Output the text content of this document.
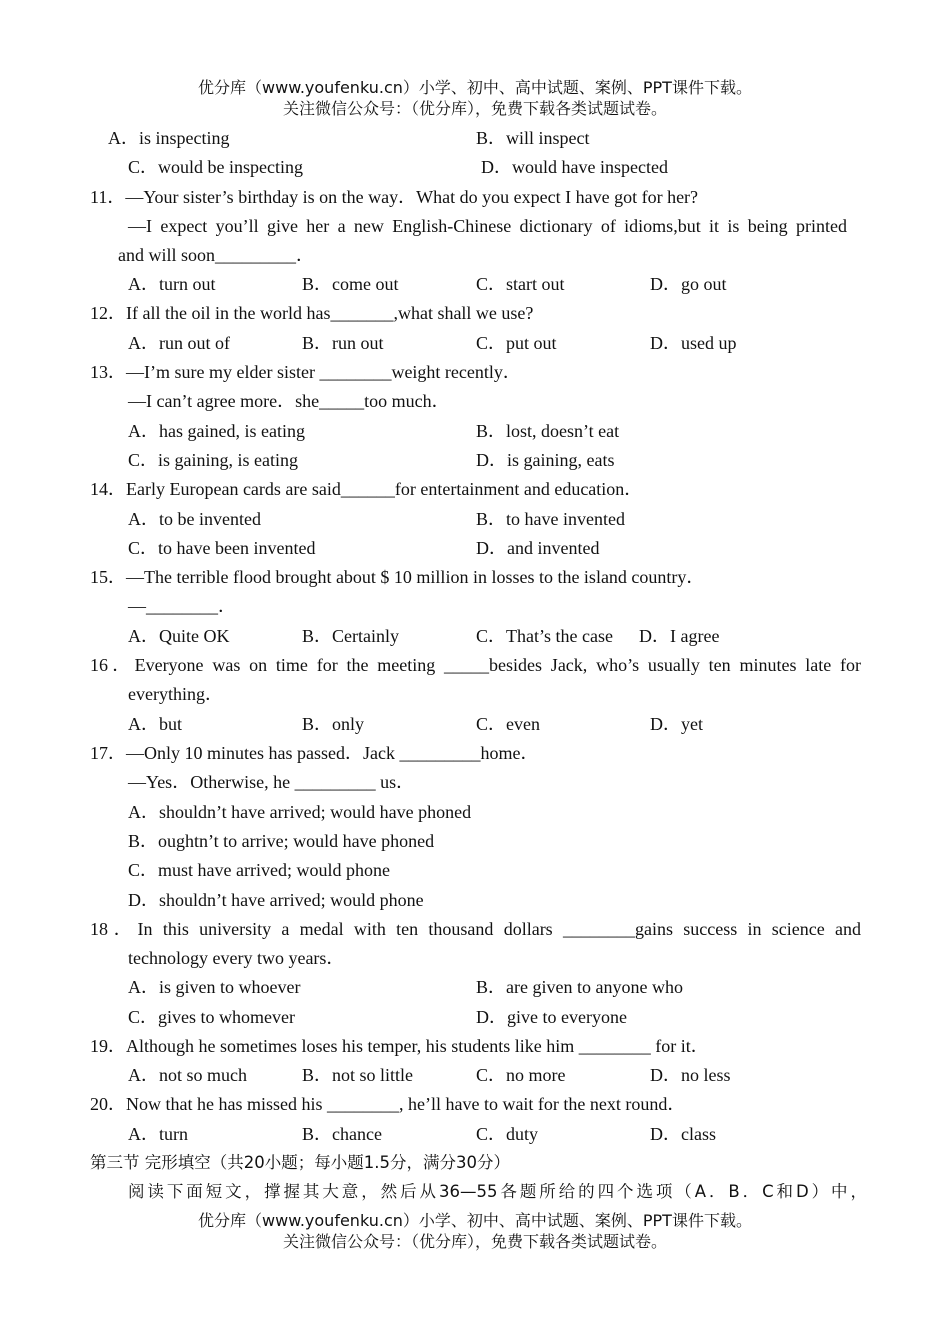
优分库（www.youfenku.cn）小学、初中、高中试题、案例、PPT课件下载。
关注微信公众号：（优分库），免费下载各类试题试卷。
A．is inspecting	B．will inspect
C．would be inspecting	D．would have inspected
11．—Your sister’s birthday is on the way．What do you expect I have got for her?
—I expect you’ll give her a new English-Chinese dictionary of idioms,but it is being printed
and will soon_________．
A．turn out	B．come out	C．start out	D．go out
12．If all the oil in the world has_______,what shall we use?
A．run out of	B．run out	C．put out	D．used up
13．—I’m sure my elder sister ________weight recently．
—I can’t agree more．she_____too much．
A．has gained, is eating	B．lost, doesn’t eat
C．is gaining, is eating	D．is gaining, eats
14．Early European cards are said______for entertainment and education．
A．to be invented	B．to have invented
C．to have been invented	D．and invented
15．—The terrible flood brought about $ 10 million in losses to the island country．
—________．
A．Quite OK	B．Certainly	C．That’s the case D．I agree
16．Everyone was on time for the meeting _____besides Jack, who’s usually ten minutes late for
everything．
A．but	B．only	C．even	D．yet
17．—Only 10 minutes has passed．Jack _________home．
—Yes．Otherwise, he _________ us．
A．shouldn’t have arrived; would have phoned
B．oughtn’t to arrive; would have phoned
C．must have arrived; would phone
D．shouldn’t have arrived; would phone
18．In this university a medal with ten thousand dollars ________gains success in science and
technology every two years．
A．is given to whoever	B．are given to anyone who
C．gives to whomever	D．give to everyone
19．Although he sometimes loses his temper, his students like him ________ for it．
A．not so much	B．not so little	C．no more	D．no less
20．Now that he has missed his ________, he’ll have to wait for the next round．
A．turn	B．chance	C．duty	D．class
第三节 完形填空（共20小题；每小题1.5分，满分30分）
阅读下面短文，撑握其大意，然后从36—55各题所给的四个选项（A．B．C和D）中，
优分库（www.youfenku.cn）小学、初中、高中试题、案例、PPT课件下载。
关注微信公众号：（优分库），免费下载各类试题试卷。
